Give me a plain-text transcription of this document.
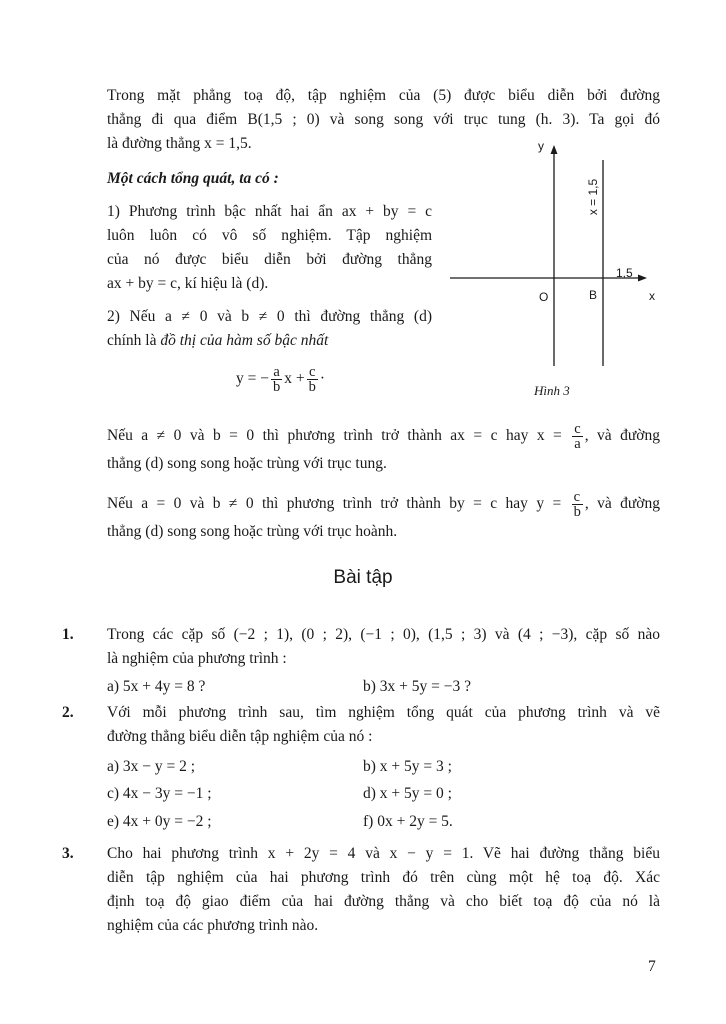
Trong mặt phẳng toạ độ, tập nghiệm của (5) được biểu diễn bởi đường
thẳng đi qua điểm B(1,5 ; 0) và song song với trục tung (h. 3). Ta gọi đó
là đường thẳng x = 1,5.
Một cách tổng quát, ta có :
1) Phương trình bậc nhất hai ẩn ax + by = c
luôn luôn có vô số nghiệm. Tập nghiệm
của nó được biểu diễn bởi đường thẳng
ax + by = c, kí hiệu là (d).
2) Nếu a ≠ 0 và b ≠ 0 thì đường thẳng (d)
chính là đồ thị của hàm số bậc nhất
y = − $\frac{a}{b}$ $x + \frac{c}{b}$ ·
y
x
O	B
1,5
x = 1,5
Hình 3
Nếu a ≠ 0 và b = 0 thì phương trình trở thành ax = c hay $x = \frac{c}{a}$ , và đường
thẳng (d) song song hoặc trùng với trục tung.
Nếu a = 0 và b ≠ 0 thì phương trình trở thành by = c hay $y = \frac{c}{b}$ , và đường
thẳng (d) song song hoặc trùng với trục hoành.
Bài tập
1. Trong các cặp số (−2 ; 1), (0 ; 2), (−1 ; 0), (1,5 ; 3) và (4 ; −3), cặp số nào
là nghiệm của phương trình :
a) 5x + 4y = 8 ?	b) 3x + 5y = −3 ?
2. Với mỗi phương trình sau, tìm nghiệm tổng quát của phương trình và vẽ
đường thẳng biểu diễn tập nghiệm của nó :
a) 3x − y = 2 ;	b) x + 5y = 3 ;
c) 4x − 3y = −1 ;	d) x + 5y = 0 ;
e) 4x + 0y = −2 ;	f) 0x + 2y = 5.
3. Cho hai phương trình x + 2y = 4 và x − y = 1. Vẽ hai đường thẳng biểu
diễn tập nghiệm của hai phương trình đó trên cùng một hệ toạ độ. Xác
định toạ độ giao điểm của hai đường thẳng và cho biết toạ độ của nó là
nghiệm của các phương trình nào.
7
